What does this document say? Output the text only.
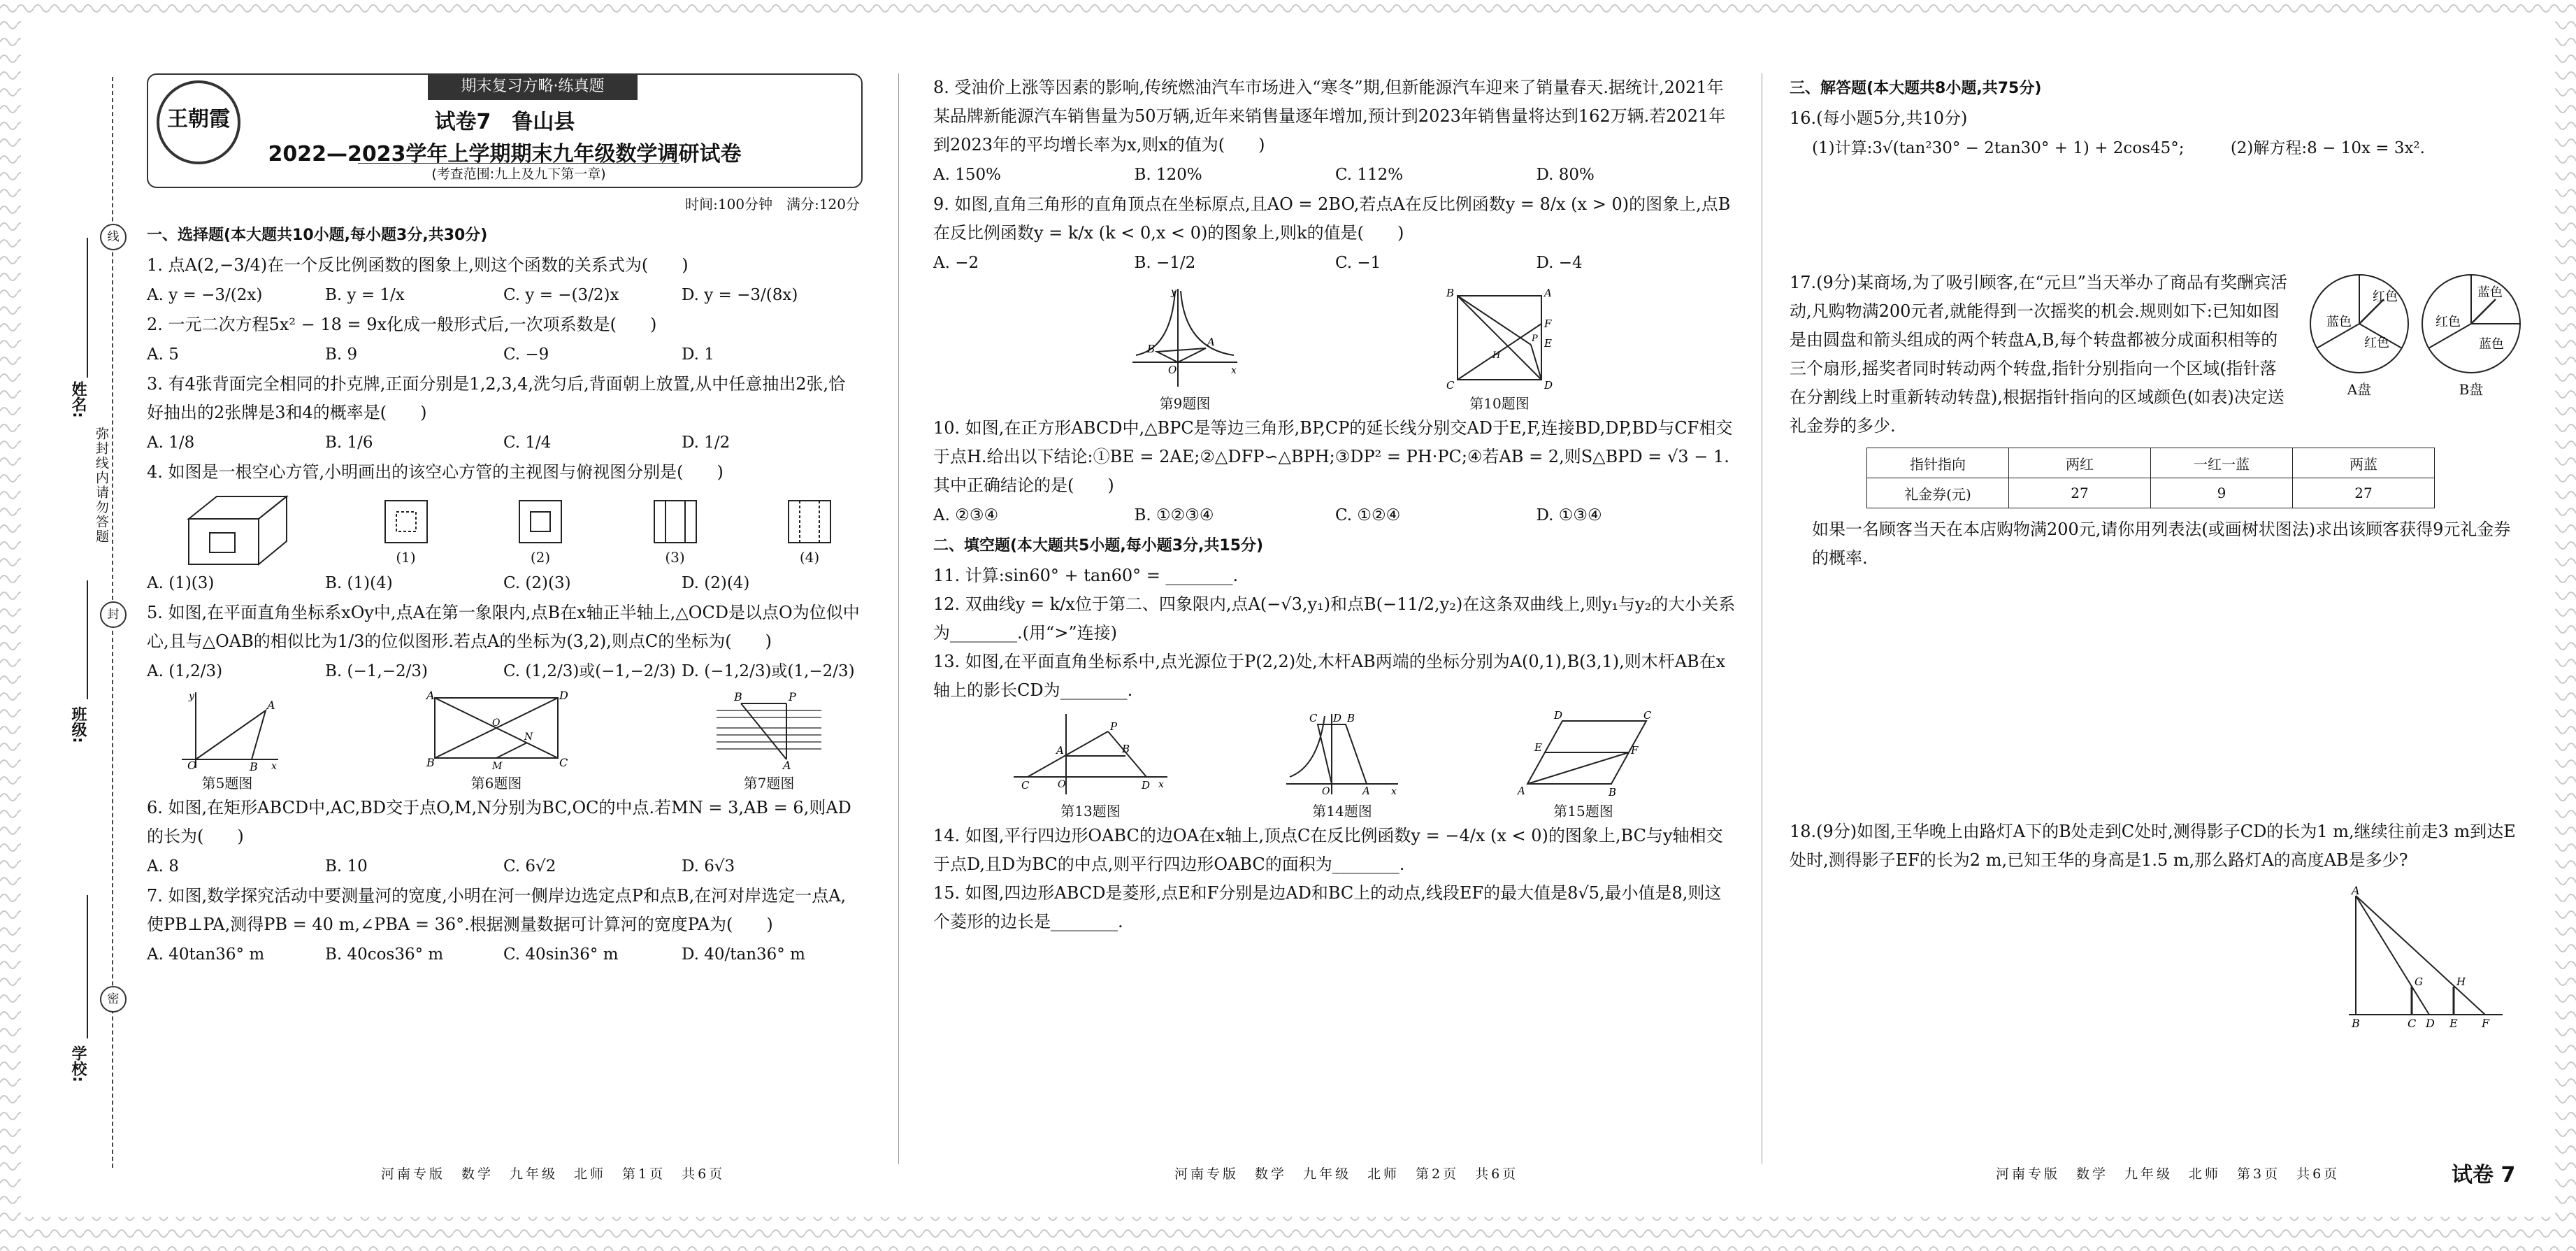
线
封
密
弥封线内请勿答题
姓名:
班级:
学校:
王朝霞
期末复习方略·练真题
试卷7　鲁山县
2022—2023学年上学期期末九年级数学调研试卷
(考查范围:九上及九下第一章)
时间:100分钟　满分:120分
一、选择题(本大题共10小题,每小题3分,共30分)
1. 点A(2,−3/4)在一个反比例函数的图象上,则这个函数的关系式为(　　)
A. y = −3/(2x)	B. y = 1/x	C. y = −(3/2)x	D. y = −3/(8x)
2. 一元二次方程5x² − 18 = 9x化成一般形式后,一次项系数是(　　)
A. 5	B. 9	C. −9	D. 1
3. 有4张背面完全相同的扑克牌,正面分别是1,2,3,4,洗匀后,背面朝上放置,从中任意抽出2张,恰好抽出的2张牌是3和4的概率是(　　)
A. 1/8	B. 1/6	C. 1/4	D. 1/2
4. 如图是一根空心方管,小明画出的该空心方管的主视图与俯视图分别是(　　)
(1)	(2)	(3)	(4)
A. (1)(3)	B. (1)(4)	C. (2)(3)	D. (2)(4)
5. 如图,在平面直角坐标系xOy中,点A在第一象限内,点B在x轴正半轴上,△OCD是以点O为位似中心,且与△OAB的相似比为1/3的位似图形.若点A的坐标为(3,2),则点C的坐标为(　　)
A. (1,2/3)	B. (−1,−2/3)	C. (1,2/3)或(−1,−2/3) D. (−1,2/3)或(1,−2/3)
O	B
A
y
x
第5题图
A	D
B	C
O
N
M
第6题图
B	P
A
第7题图
6. 如图,在矩形ABCD中,AC,BD交于点O,M,N分别为BC,OC的中点.若MN = 3,AB = 6,则AD的长为(　　)
A. 8	B. 10	C. 6√2	D. 6√3
7. 如图,数学探究活动中要测量河的宽度,小明在河一侧岸边选定点P和点B,在河对岸选定一点A,使PB⊥PA,测得PB = 40 m,∠PBA = 36°.根据测量数据可计算河的宽度PA为(　　)
A. 40tan36° m	B. 40cos36° m	C. 40sin36° m	D. 40/tan36° m
8. 受油价上涨等因素的影响,传统燃油汽车市场进入“寒冬”期,但新能源汽车迎来了销量春天.据统计,2021年某品牌新能源汽车销售量为50万辆,近年来销售量逐年增加,预计到2023年销售量将达到162万辆.若2021年到2023年的平均增长率为x,则x的值为(　　)
A. 150%	B. 120%	C. 112%	D. 80%
9. 如图,直角三角形的直角顶点在坐标原点,且AO = 2BO,若点A在反比例函数y = 8/x (x > 0)的图象上,点B在反比例函数y = k/x (k < 0,x < 0)的图象上,则k的值是(　　)
A. −2	B. −1/2	C. −1	D. −4
A
B
O
y
x
第9题图
B	A
C	D
F
E
P
H
第10题图
10. 如图,在正方形ABCD中,△BPC是等边三角形,BP,CP的延长线分别交AD于E,F,连接BD,DP,BD与CF相交于点H.给出以下结论:①BE = 2AE;②△DFP∽△BPH;③DP² = PH·PC;④若AB = 2,则S△BPD = √3 − 1.其中正确结论的是(　　)
A. ②③④	B. ①②③④	C. ①②④	D. ①③④
二、填空题(本大题共5小题,每小题3分,共15分)
11. 计算:sin60° + tan60° = ________.
12. 双曲线y = k/x位于第二、四象限内,点A(−√3,y₁)和点B(−11/2,y₂)在这条双曲线上,则y₁与y₂的大小关系为________.(用“>”连接)
13. 如图,在平面直角坐标系中,点光源位于P(2,2)处,木杆AB两端的坐标分别为A(0,1),B(3,1),则木杆AB在x轴上的影长CD为________.
P
A	B
C	D
O	x
第13题图
C D B
A
O	x
第14题图
D	C
A	B
E	F
第15题图
14. 如图,平行四边形OABC的边OA在x轴上,顶点C在反比例函数y = −4/x (x < 0)的图象上,BC与y轴相交于点D,且D为BC的中点,则平行四边形OABC的面积为________.
15. 如图,四边形ABCD是菱形,点E和F分别是边AD和BC上的动点,线段EF的最大值是8√5,最小值是8,则这个菱形的边长是________.
三、解答题(本大题共8小题,共75分)
16.(每小题5分,共10分)
(1)计算:3√(tan²30° − 2tan30° + 1) + 2cos45°;	(2)解方程:8 − 10x = 3x².
17.(9分)某商场,为了吸引顾客,在“元旦”当天举办了商品有奖酬宾活动,凡购物满200元者,就能得到一次摇奖的机会.规则如下:已知如图是由圆盘和箭头组成的两个转盘A,B,每个转盘都被分成面积相等的三个扇形,摇奖者同时转动两个转盘,指针分别指向一个区域(指针落在分割线上时重新转动转盘),根据指针指向的区域颜色(如表)决定送礼金券的多少.
红色
蓝色
红色
A盘
蓝色
红色
蓝色
B盘
指针指向	两红	一红一蓝	两蓝
礼金券(元)	27	9	27
如果一名顾客当天在本店购物满200元,请你用列表法(或画树状图法)求出该顾客获得9元礼金券的概率.
18.(9分)如图,王华晚上由路灯A下的B处走到C处时,测得影子CD的长为1 m,继续往前走3 m到达E处时,测得影子EF的长为2 m,已知王华的身高是1.5 m,那么路灯A的高度AB是多少?
A
B	C D E F
G	H
河南专版　数学　九年级　北师　第1页　共6页	河南专版　数学　九年级　北师　第2页　共6页	河南专版　数学　九年级　北师　第3页　共6页	试卷 7
